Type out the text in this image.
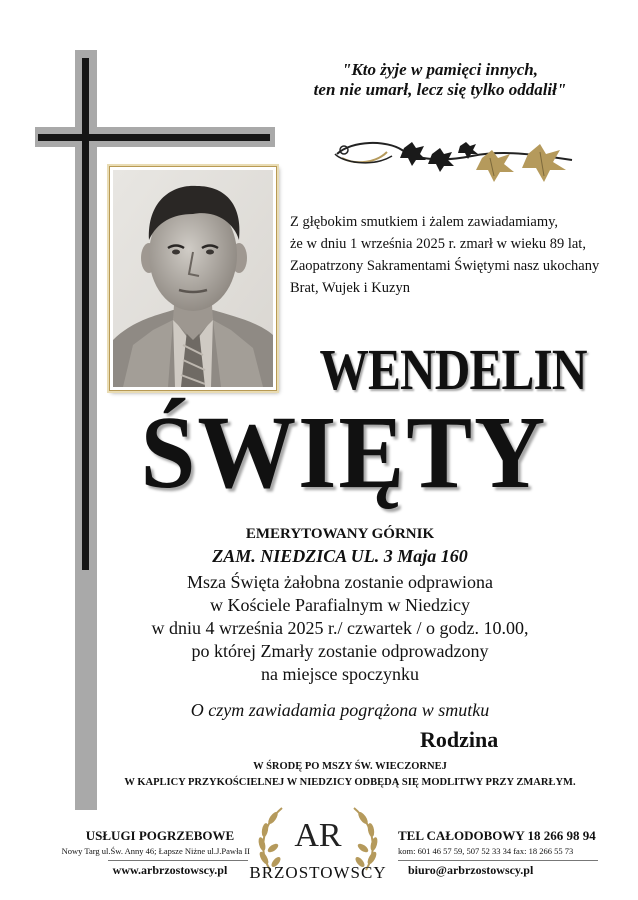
"Kto żyje w pamięci innych,
ten nie umarł, lecz się tylko oddalił"
Z głębokim smutkiem i żalem zawiadamiamy,
że w dniu 1 września 2025 r. zmarł w wieku 89 lat,
Zaopatrzony Sakramentami Świętymi nasz ukochany
Brat, Wujek i Kuzyn
WENDELIN
ŚWIĘTY
EMERYTOWANY GÓRNIK
ZAM. NIEDZICA UL. 3 Maja 160
Msza Święta żałobna zostanie odprawiona
w Kościele Parafialnym w Niedzicy
w dniu 4 września 2025 r./ czwartek / o godz. 10.00,
po której Zmarły zostanie odprowadzony
na miejsce spoczynku
O czym zawiadamia pogrążona w smutku
Rodzina
W ŚRODĘ PO MSZY ŚW. WIECZORNEJ
W KAPLICY PRZYKOŚCIELNEJ W NIEDZICY ODBĘDĄ SIĘ MODLITWY PRZY ZMARŁYM.
USŁUGI POGRZEBOWE
Nowy Targ ul.Św. Anny 46; Łapsze Niżne ul.J.Pawła II
www.arbrzostowscy.pl
AR
BRZOSTOWSCY
TEL CAŁODOBOWY 18 266 98 94
kom: 601 46 57 59, 507 52 33 34 fax: 18 266 55 73
biuro@arbrzostowscy.pl
